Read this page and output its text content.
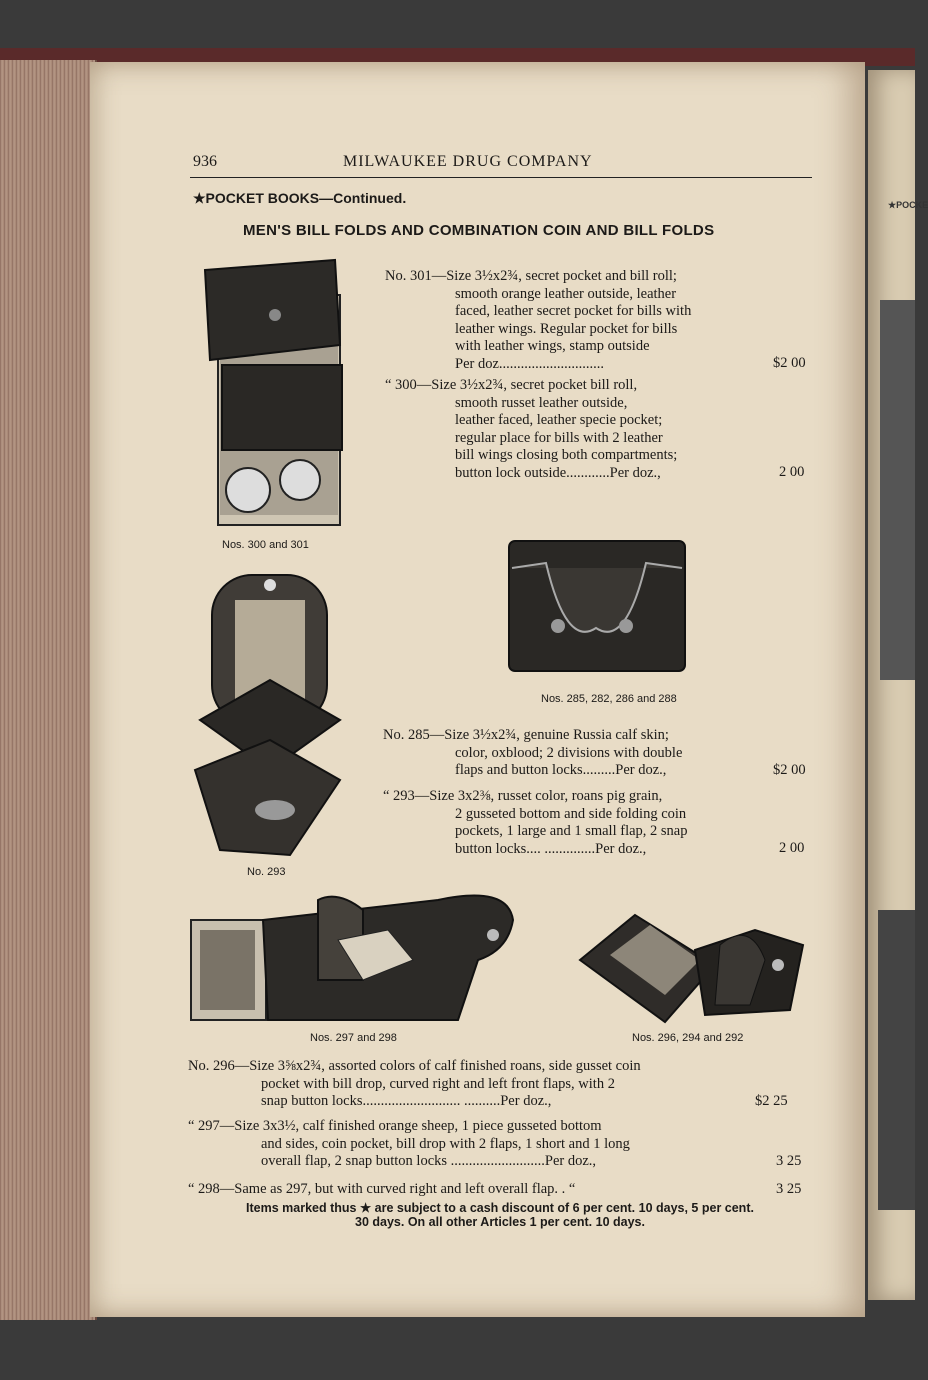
★POCKE
936	MILWAUKEE DRUG COMPANY
★POCKET BOOKS—Continued.
MEN'S BILL FOLDS AND COMBINATION COIN AND BILL FOLDS
Nos. 300 and 301
No. 301—Size 3½x2¾, secret pocket and bill roll;
smooth orange leather outside, leather
faced, leather secret pocket for bills with
leather wings. Regular pocket for bills
with leather wings, stamp outside
Per doz.............................	$2 00
“ 300—Size 3½x2¾, secret pocket bill roll,
smooth russet leather outside,
leather faced, leather specie pocket;
regular place for bills with 2 leather
bill wings closing both compartments;
button lock outside............Per doz.,	2 00
Nos. 285, 282, 286 and 288
No. 293
No. 285—Size 3½x2¾, genuine Russia calf skin;
color, oxblood; 2 divisions with double
flaps and button locks.........Per doz.,	$2 00
“ 293—Size 3x2⅜, russet color, roans pig grain,
2 gusseted bottom and side folding coin
pockets, 1 large and 1 small flap, 2 snap
button locks.... ..............Per doz.,	2 00
Nos. 297 and 298	Nos. 296, 294 and 292
No. 296—Size 3⅝x2¾, assorted colors of calf finished roans, side gusset coin
pocket with bill drop, curved right and left front flaps, with 2
snap button locks........................... ..........Per doz.,	$2 25
“ 297—Size 3x3½, calf finished orange sheep, 1 piece gusseted bottom
and sides, coin pocket, bill drop with 2 flaps, 1 short and 1 long
overall flap, 2 snap button locks ..........................Per doz.,	3 25
“ 298—Same as 297, but with curved right and left overall flap. . “	3 25
Items marked thus ★ are subject to a cash discount of 6 per cent. 10 days, 5 per cent.
30 days. On all other Articles 1 per cent. 10 days.
